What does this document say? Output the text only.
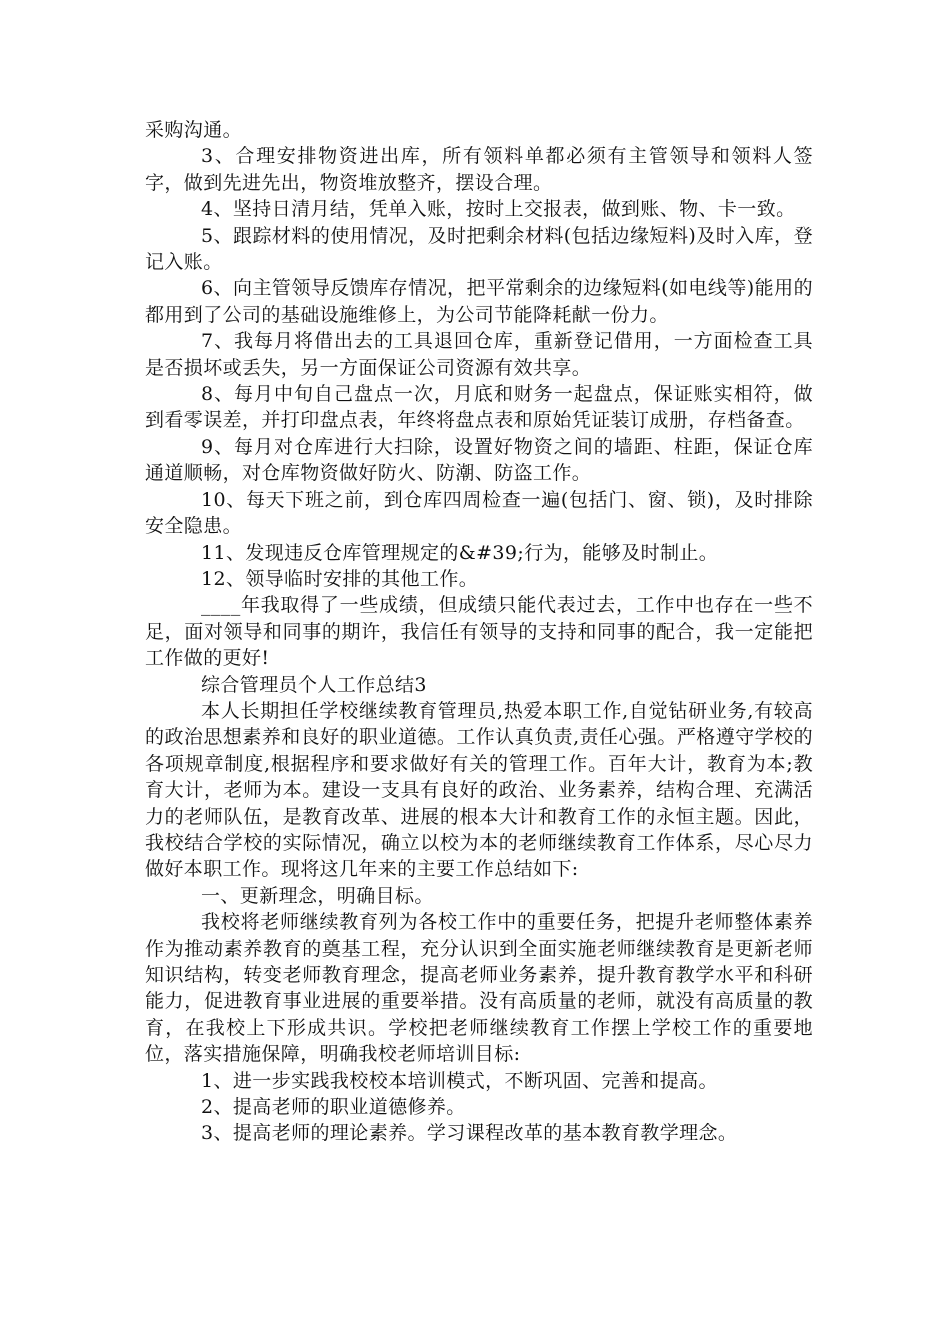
采购沟通。

3、合理安排物资进出库，所有领料单都必须有主管领导和领料人签字，做到先进先出，物资堆放整齐，摆设合理。

4、坚持日清月结，凭单入账，按时上交报表，做到账、物、卡一致。

5、跟踪材料的使用情况，及时把剩余材料(包括边缘短料)及时入库，登记入账。

6、向主管领导反馈库存情况，把平常剩余的边缘短料(如电线等)能用的都用到了公司的基础设施维修上，为公司节能降耗献一份力。

7、我每月将借出去的工具退回仓库，重新登记借用，一方面检查工具是否损坏或丢失，另一方面保证公司资源有效共享。

8、每月中旬自己盘点一次，月底和财务一起盘点，保证账实相符，做到看零误差，并打印盘点表，年终将盘点表和原始凭证装订成册，存档备查。

9、每月对仓库进行大扫除，设置好物资之间的墙距、柱距，保证仓库通道顺畅，对仓库物资做好防火、防潮、防盗工作。

10、每天下班之前，到仓库四周检查一遍(包括门、窗、锁)，及时排除安全隐患。

11、发现违反仓库管理规定的&#39;行为，能够及时制止。

12、领导临时安排的其他工作。

____年我取得了一些成绩，但成绩只能代表过去，工作中也存在一些不足，面对领导和同事的期许，我信任有领导的支持和同事的配合，我一定能把工作做的更好!

综合管理员个人工作总结3

本人长期担任学校继续教育管理员,热爱本职工作,自觉钻研业务,有较高的政治思想素养和良好的职业道德。工作认真负责,责任心强。严格遵守学校的各项规章制度,根据程序和要求做好有关的管理工作。百年大计，教育为本;教育大计，老师为本。建设一支具有良好的政治、业务素养，结构合理、充满活力的老师队伍，是教育改革、进展的根本大计和教育工作的永恒主题。因此，我校结合学校的实际情况，确立以校为本的老师继续教育工作体系，尽心尽力做好本职工作。现将这几年来的主要工作总结如下:

一、更新理念，明确目标。

我校将老师继续教育列为各校工作中的重要任务，把提升老师整体素养作为推动素养教育的奠基工程，充分认识到全面实施老师继续教育是更新老师知识结构，转变老师教育理念，提高老师业务素养，提升教育教学水平和科研能力，促进教育事业进展的重要举措。没有高质量的老师，就没有高质量的教育，在我校上下形成共识。学校把老师继续教育工作摆上学校工作的重要地位，落实措施保障，明确我校老师培训目标:

1、进一步实践我校校本培训模式，不断巩固、完善和提高。

2、提高老师的职业道德修养。

3、提高老师的理论素养。学习课程改革的基本教育教学理念。
